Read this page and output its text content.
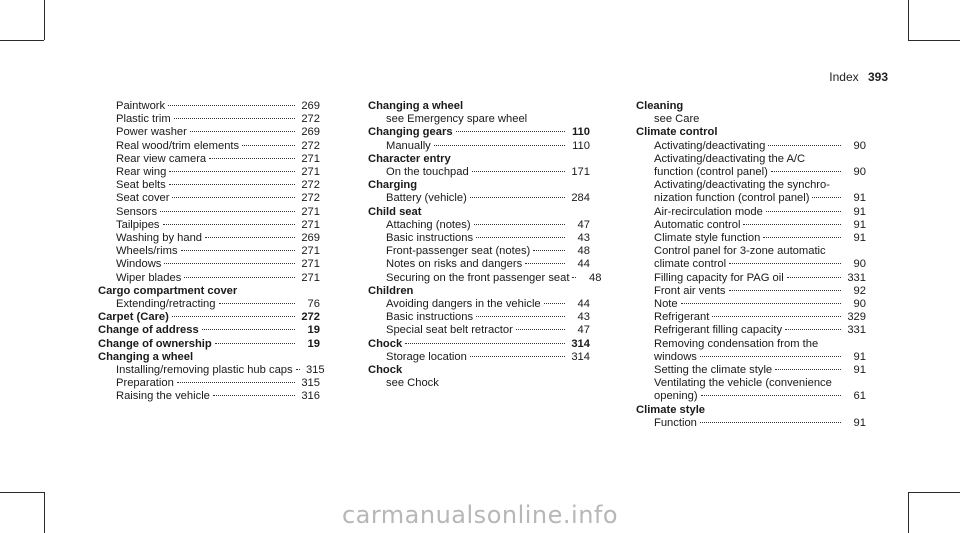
Index 393
Paintwork	269
Plastic trim	272
Power washer	269
Real wood/trim elements	272
Rear view camera	271
Rear wing	271
Seat belts	272
Seat cover	272
Sensors	271
Tailpipes	271
Washing by hand	269
Wheels/rims	271
Windows	271
Wiper blades	271
Cargo compartment cover
Extending/retracting	76
Carpet (Care)	272
Change of address	19
Change of ownership	19
Changing a wheel
Installing/removing plastic hub caps 315
Preparation	315
Raising the vehicle	316
Changing a wheel
see Emergency spare wheel
Changing gears	110
Manually	110
Character entry
On the touchpad	171
Charging
Battery (vehicle)	284
Child seat
Attaching (notes)	47
Basic instructions	43
Front-passenger seat (notes)	48
Notes on risks and dangers	44
Securing on the front passenger seat	48
Children
Avoiding dangers in the vehicle	44
Basic instructions	43
Special seat belt retractor	47
Chock	314
Storage location	314
Chock
see Chock
Cleaning
see Care
Climate control
Activating/deactivating	90
Activating/deactivating the A/C
function (control panel)	90
Activating/deactivating the synchro-
nization function (control panel)	91
Air-recirculation mode	91
Automatic control	91
Climate style function	91
Control panel for 3-zone automatic
climate control	90
Filling capacity for PAG oil	331
Front air vents	92
Note	90
Refrigerant	329
Refrigerant filling capacity	331
Removing condensation from the
windows	91
Setting the climate style	91
Ventilating the vehicle (convenience
opening)	61
Climate style
Function	91
carmanualsonline.info
